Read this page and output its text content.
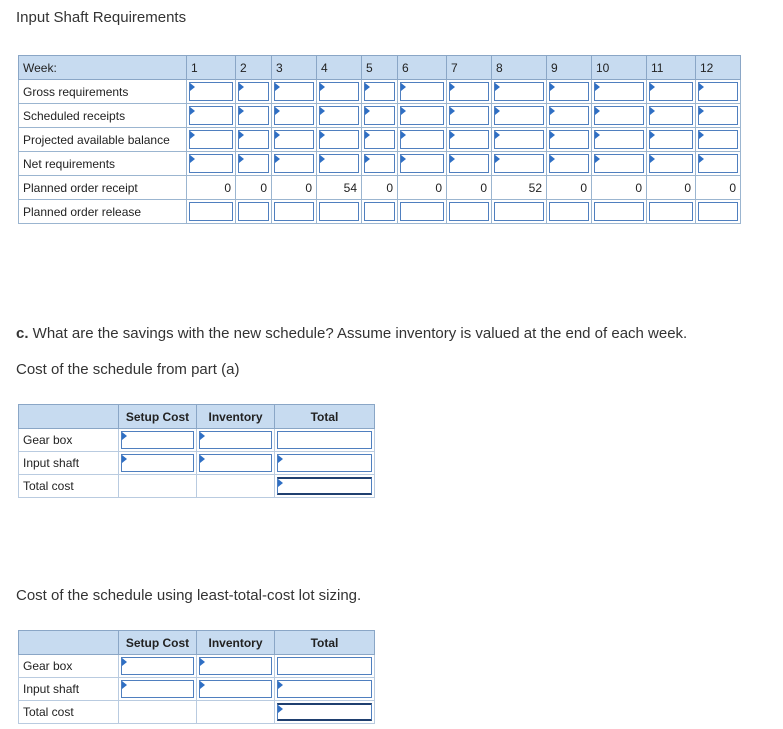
Input Shaft Requirements
Week:	1	2	3	4	5	6	7	8	9	10	11	12
Gross requirements	

Scheduled receipts	

Projected available balance	

Net requirements	

Planned order receipt	0	0	0	54	0	0	0	52	0	0	0	0
Planned order release	

c. What are the savings with the new schedule? Assume inventory is valued at the end of each week.
Cost of the schedule from part (a)
	Setup Cost	Inventory	Total
Gear box	

Input shaft	

Total cost			
Cost of the schedule using least-total-cost lot sizing.
	Setup Cost	Inventory	Total
Gear box	

Input shaft	

Total cost			
